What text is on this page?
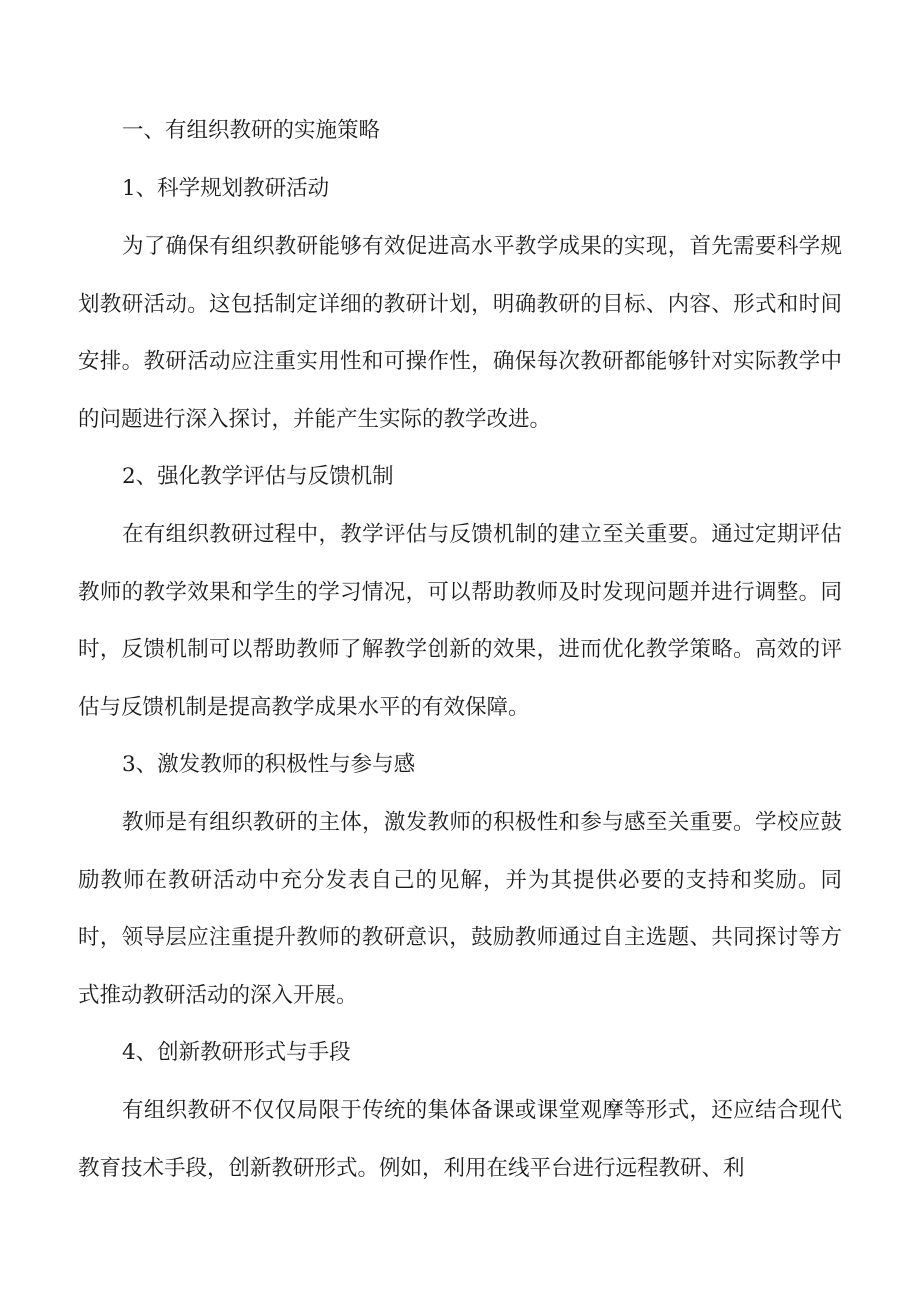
一、有组织教研的实施策略
1、科学规划教研活动

为了确保有组织教研能够有效促进高水平教学成果的实现，首先需要科学规划教研活动。这包括制定详细的教研计划，明确教研的目标、内容、形式和时间安排。教研活动应注重实用性和可操作性，确保每次教研都能够针对实际教学中的问题进行深入探讨，并能产生实际的教学改进。

2、强化教学评估与反馈机制

在有组织教研过程中，教学评估与反馈机制的建立至关重要。通过定期评估教师的教学效果和学生的学习情况，可以帮助教师及时发现问题并进行调整。同时，反馈机制可以帮助教师了解教学创新的效果，进而优化教学策略。高效的评估与反馈机制是提高教学成果水平的有效保障。

3、激发教师的积极性与参与感

教师是有组织教研的主体，激发教师的积极性和参与感至关重要。学校应鼓励教师在教研活动中充分发表自己的见解，并为其提供必要的支持和奖励。同时，领导层应注重提升教师的教研意识，鼓励教师通过自主选题、共同探讨等方式推动教研活动的深入开展。

4、创新教研形式与手段

有组织教研不仅仅局限于传统的集体备课或课堂观摩等形式，还应结合现代教育技术手段，创新教研形式。例如，利用在线平台进行远程教研、利
